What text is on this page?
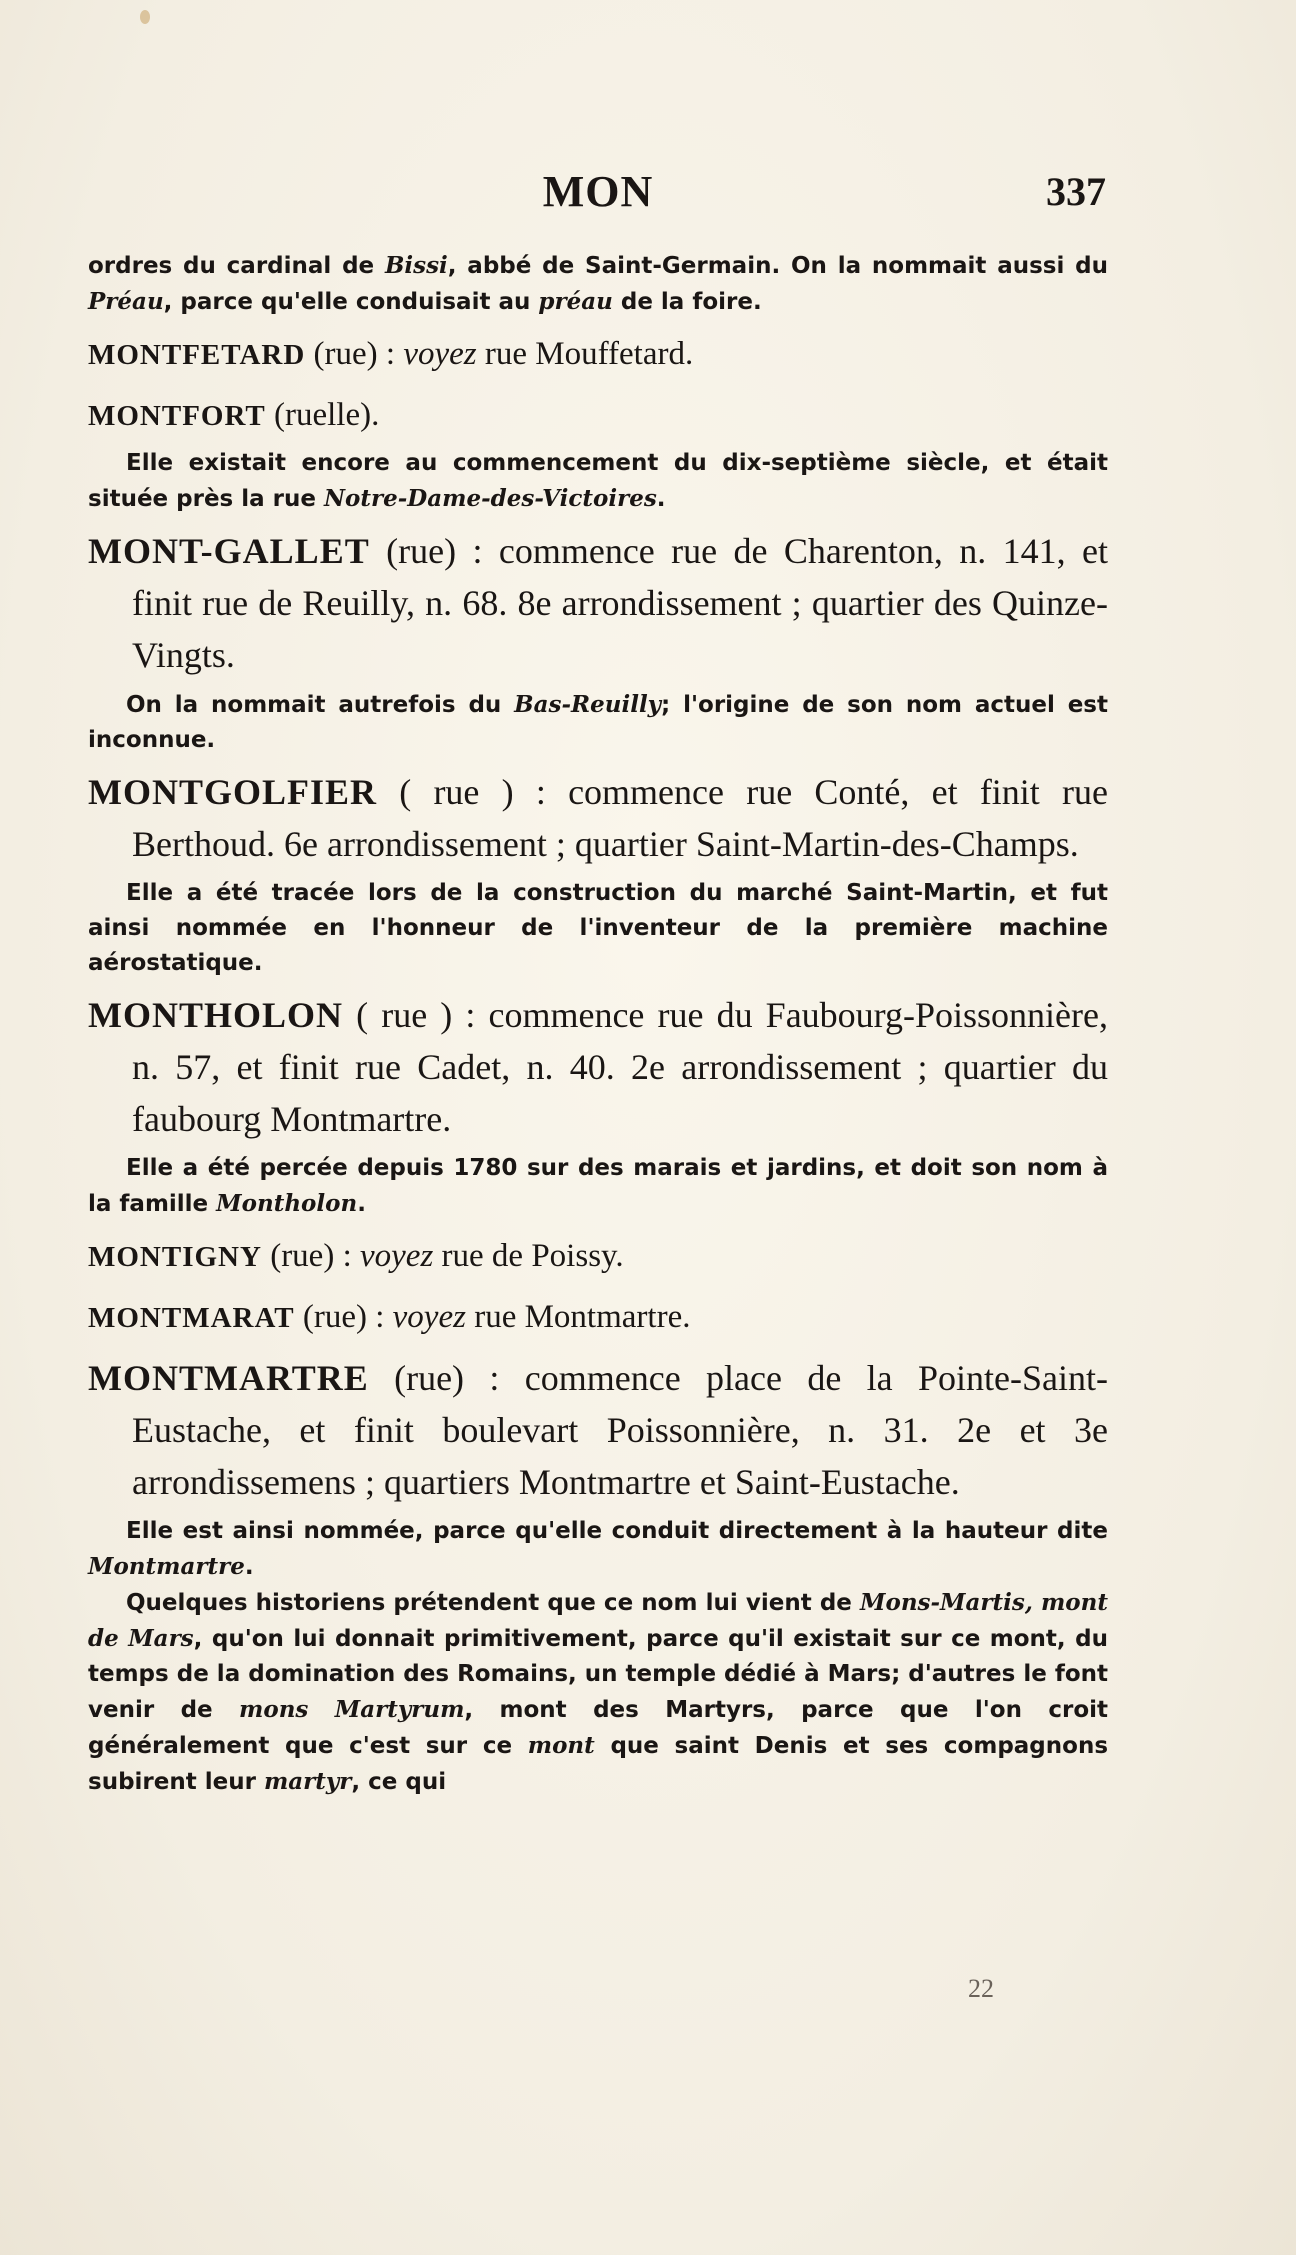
MON	337

ordres du cardinal de Bissi, abbé de Saint-Germain. On la nommait aussi du Préau, parce qu'elle conduisait au préau de la foire.

MONTFETARD (rue) : voyez rue Mouffetard.

MONTFORT (ruelle).

Elle existait encore au commencement du dix-septième siècle, et était située près la rue Notre-Dame-des-Victoires.

MONT-GALLET (rue) : commence rue de Charenton, n. 141, et finit rue de Reuilly, n. 68. 8e arrondissement ; quartier des Quinze-Vingts.

On la nommait autrefois du Bas-Reuilly; l'origine de son nom actuel est inconnue.

MONTGOLFIER ( rue ) : commence rue Conté, et finit rue Berthoud. 6e arrondissement ; quartier Saint-Martin-des-Champs.

Elle a été tracée lors de la construction du marché Saint-Martin, et fut ainsi nommée en l'honneur de l'inventeur de la première machine aérostatique.

MONTHOLON ( rue ) : commence rue du Faubourg-Poissonnière, n. 57, et finit rue Cadet, n. 40. 2e arrondissement ; quartier du faubourg Montmartre.

Elle a été percée depuis 1780 sur des marais et jardins, et doit son nom à la famille Montholon.

MONTIGNY (rue) : voyez rue de Poissy.

MONTMARAT (rue) : voyez rue Montmartre.

MONTMARTRE (rue) : commence place de la Pointe-Saint-Eustache, et finit boulevart Poissonnière, n. 31. 2e et 3e arrondissemens ; quartiers Montmartre et Saint-Eustache.

Elle est ainsi nommée, parce qu'elle conduit directement à la hauteur dite Montmartre.

Quelques historiens prétendent que ce nom lui vient de Mons-Martis, mont de Mars, qu'on lui donnait primitivement, parce qu'il existait sur ce mont, du temps de la domination des Romains, un temple dédié à Mars; d'autres le font venir de mons Martyrum, mont des Martyrs, parce que l'on croit généralement que c'est sur ce mont que saint Denis et ses compagnons subirent leur martyr, ce qui

22
